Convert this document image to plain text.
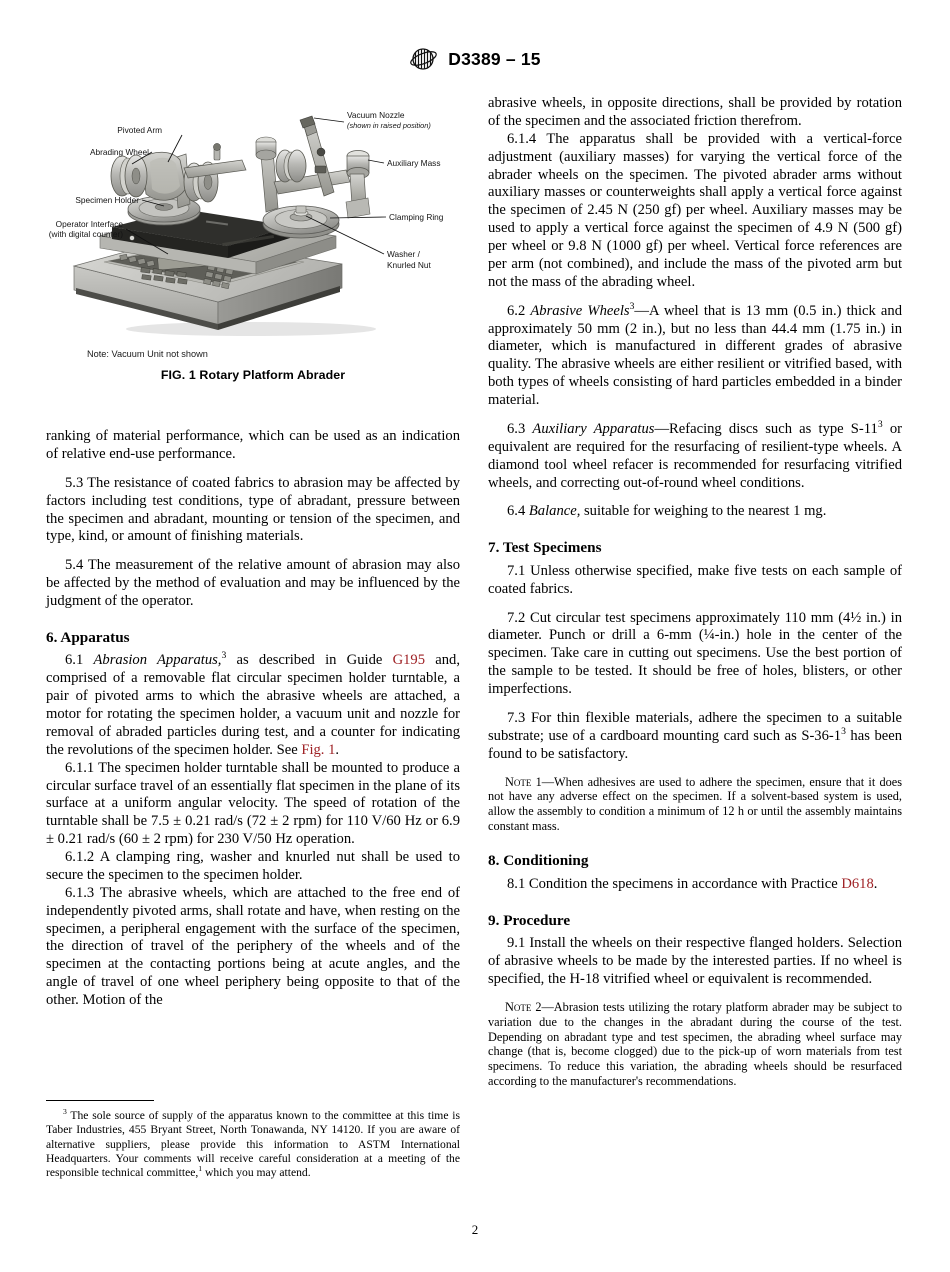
D3389 – 15
Pivoted Arm
Abrading Wheel
Specimen Holder
Operator Interface
(with digital counter)
Vacuum Nozzle
(shown in raised position)
Auxiliary Mass
Clamping Ring
Washer /
Knurled Nut
Note: Vacuum Unit not shown
FIG. 1 Rotary Platform Abrader

ranking of material performance, which can be used as an indication of relative end-use performance.

5.3 The resistance of coated fabrics to abrasion may be affected by factors including test conditions, type of abradant, pressure between the specimen and abradant, mounting or tension of the specimen, and type, kind, or amount of finishing materials.

5.4 The measurement of the relative amount of abrasion may also be affected by the method of evaluation and may be influenced by the judgment of the operator.

6. Apparatus

6.1 Abrasion Apparatus,$^3$ as described in Guide G195 and, comprised of a removable flat circular specimen holder turntable, a pair of pivoted arms to which the abrasive wheels are attached, a motor for rotating the specimen holder, a vacuum unit and nozzle for removal of abraded particles during test, and a counter for indicating the revolutions of the specimen holder. See Fig. 1.

6.1.1 The specimen holder turntable shall be mounted to produce a circular surface travel of an essentially flat specimen in the plane of its surface at a uniform angular velocity. The speed of rotation of the turntable shall be 7.5 ± 0.21 rad/s (72 ± 2 rpm) for 110 V/60 Hz or 6.9 ± 0.21 rad/s (60 ± 2 rpm) for 230 V/50 Hz operation.

6.1.2 A clamping ring, washer and knurled nut shall be used to secure the specimen to the specimen holder.

6.1.3 The abrasive wheels, which are attached to the free end of independently pivoted arms, shall rotate and have, when resting on the specimen, a peripheral engagement with the surface of the specimen, the direction of travel of the periphery of the wheels and of the specimen at the contacting portions being at acute angles, and the angle of travel of one wheel periphery being opposite to that of the other. Motion of the

$^3$ The sole source of supply of the apparatus known to the committee at this time is Taber Industries, 455 Bryant Street, North Tonawanda, NY 14120. If you are aware of alternative suppliers, please provide this information to ASTM International Headquarters. Your comments will receive careful consideration at a meeting of the responsible technical committee,$^1$ which you may attend.

abrasive wheels, in opposite directions, shall be provided by rotation of the specimen and the associated friction therefrom.

6.1.4 The apparatus shall be provided with a vertical-force adjustment (auxiliary masses) for varying the vertical force of the abrader wheels on the specimen. The pivoted abrader arms without auxiliary masses or counterweights shall apply a vertical force against the specimen of 2.45 N (250 gf) per wheel. Auxiliary masses may be used to apply a vertical force against the specimen of 4.9 N (500 gf) per wheel or 9.8 N (1000 gf) per wheel. Vertical force references are per arm (not combined), and include the mass of the pivoted arm but not the mass of the abrading wheel.

6.2 Abrasive Wheels$^3$—A wheel that is 13 mm (0.5 in.) thick and approximately 50 mm (2 in.), but no less than 44.4 mm (1.75 in.) in diameter, which is manufactured in different grades of abrasive quality. The abrasive wheels are either resilient or vitrified based, with both types of wheels consisting of hard particles embedded in a binder material.

6.3 Auxiliary Apparatus—Refacing discs such as type $S-11^3$ or equivalent are required for the resurfacing of resilient-type wheels. A diamond tool wheel refacer is recommended for resurfacing vitrified wheels, and correcting out-of-round wheel conditions.

6.4 Balance, suitable for weighing to the nearest 1 mg.

7. Test Specimens

7.1 Unless otherwise specified, make five tests on each sample of coated fabrics.

7.2 Cut circular test specimens approximately 110 mm (4½ in.) in diameter. Punch or drill a 6-mm (¼-in.) hole in the center of the specimen. Take care in cutting out specimens. Use the best portion of the sample to be tested. It should be free of holes, blisters, or other imperfections.

7.3 For thin flexible materials, adhere the specimen to a suitable substrate; use of a cardboard mounting card such as $S-36-1^3$ has been found to be satisfactory.

Note 1—When adhesives are used to adhere the specimen, ensure that it does not have any adverse effect on the specimen. If a solvent-based system is used, allow the assembly to condition a minimum of 12 h or until the assembly maintains constant mass.

8. Conditioning

8.1 Condition the specimens in accordance with Practice D618.

9. Procedure

9.1 Install the wheels on their respective flanged holders. Selection of abrasive wheels to be made by the interested parties. If no wheel is specified, the H-18 vitrified wheel or equivalent is recommended.

Note 2—Abrasion tests utilizing the rotary platform abrader may be subject to variation due to the changes in the abradant during the course of the test. Depending on abradant type and test specimen, the abrading wheel surface may change (that is, become clogged) due to the pick-up of worn materials from test specimens. To reduce this variation, the abrading wheels should be resurfaced according to the manufacturer's recommendations.

2
